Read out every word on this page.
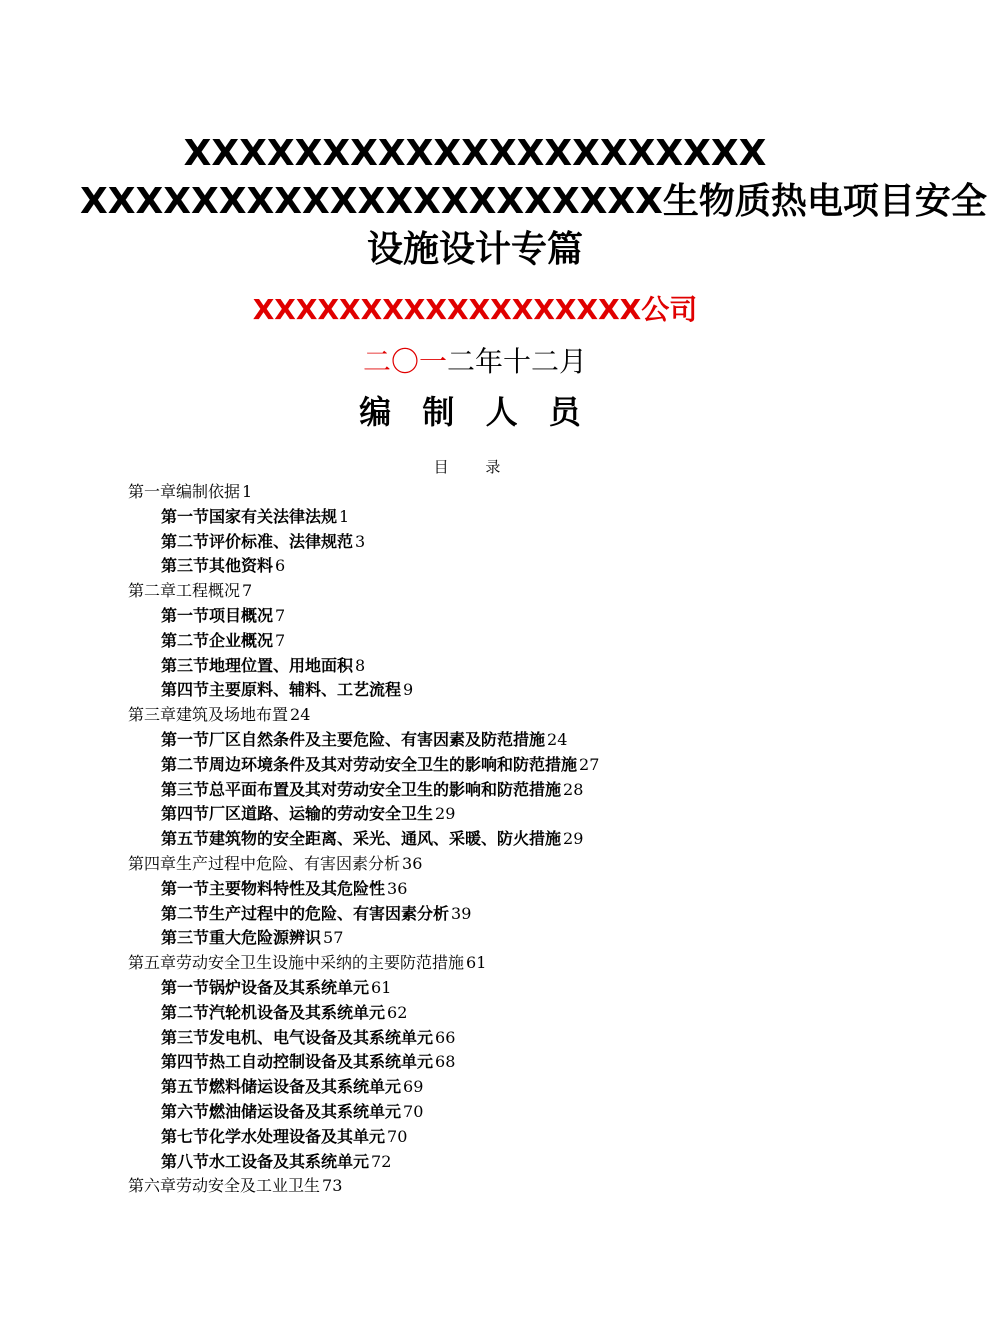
XXXXXXXXXXXXXXXXXXXXX
XXXXXXXXXXXXXXXXXXXXX生物质热电项目安全
设施设计专篇
XXXXXXXXXXXXXXXXXX公司
二〇一二年十二月
编 制 人 员
目 录
第一章编制依据 1
第一节国家有关法律法规 1
第二节评价标准、法律规范 3
第三节其他资料 6
第二章工程概况 7
第一节项目概况 7
第二节企业概况 7
第三节地理位置、用地面积 8
第四节主要原料、辅料、工艺流程 9
第三章建筑及场地布置 24
第一节厂区自然条件及主要危险、有害因素及防范措施 24
第二节周边环境条件及其对劳动安全卫生的影响和防范措施 27
第三节总平面布置及其对劳动安全卫生的影响和防范措施 28
第四节厂区道路、运输的劳动安全卫生 29
第五节建筑物的安全距离、采光、通风、采暖、防火措施 29
第四章生产过程中危险、有害因素分析 36
第一节主要物料特性及其危险性 36
第二节生产过程中的危险、有害因素分析 39
第三节重大危险源辨识 57
第五章劳动安全卫生设施中采纳的主要防范措施 61
第一节锅炉设备及其系统单元 61
第二节汽轮机设备及其系统单元 62
第三节发电机、电气设备及其系统单元 66
第四节热工自动控制设备及其系统单元 68
第五节燃料储运设备及其系统单元 69
第六节燃油储运设备及其系统单元 70
第七节化学水处理设备及其单元 70
第八节水工设备及其系统单元 72
第六章劳动安全及工业卫生 73
